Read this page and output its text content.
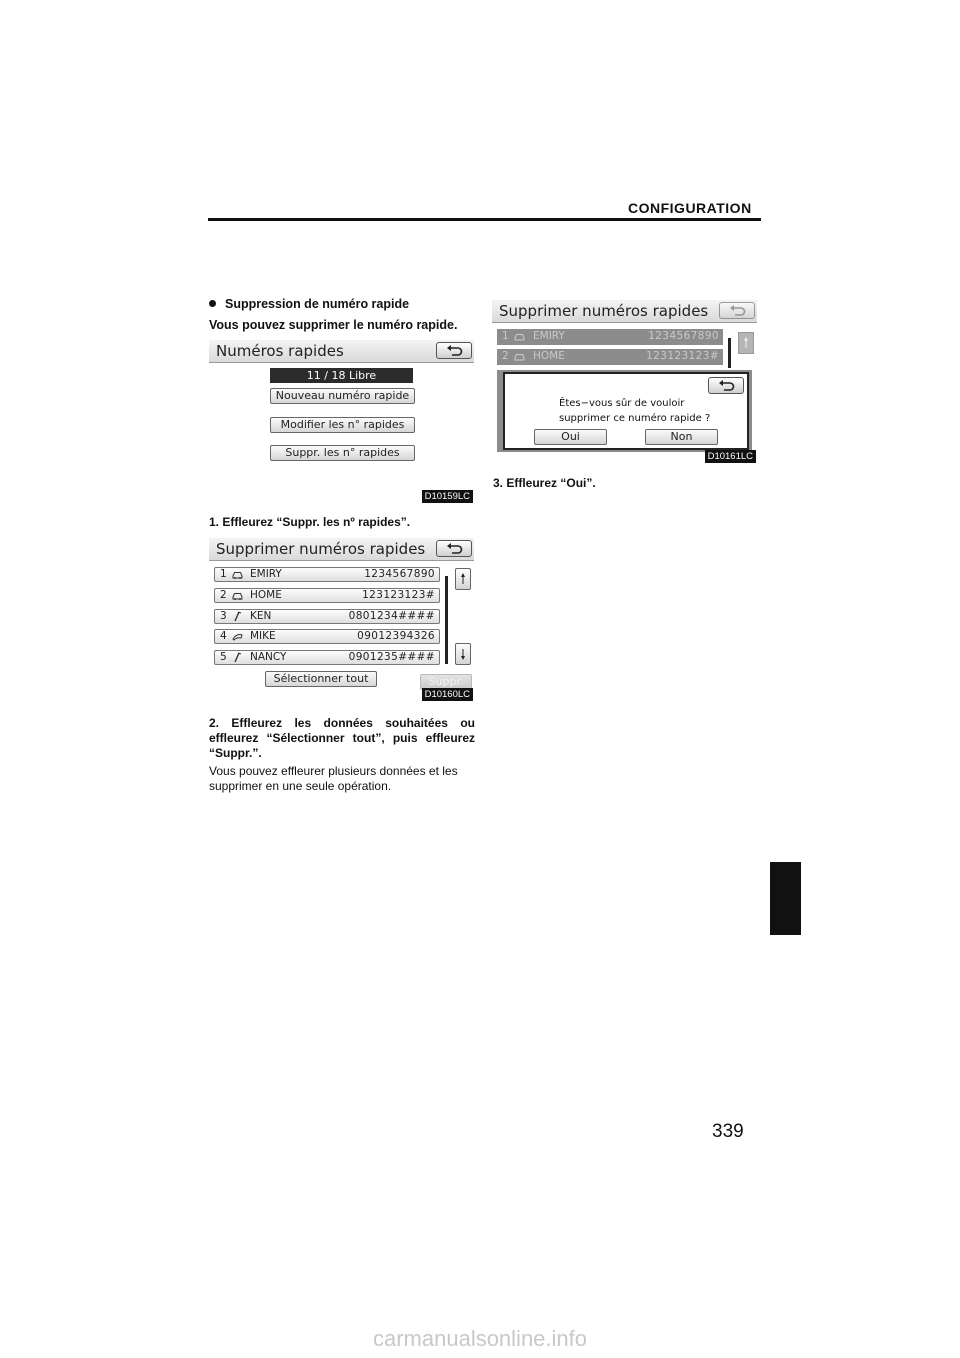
CONFIGURATION
339
carmanualsonline.info
Suppression de numéro rapide
Vous pouvez supprimer le numéro rapide.
Numéros rapides
11 / 18 Libre
Nouveau numéro rapide
Modifier les n° rapides
Suppr. les n° rapides
D10159LC
1. Effleurez “Suppr. les nº rapides”.
Supprimer numéros rapides
1 EMIRY	1234567890
2 HOME	123123123#
3 KEN	0801234####
4 MIKE	09012394326
5 NANCY	0901235####
Sélectionner tout	Suppr.
D10160LC
2. Effleurez les données souhaitées ou effleurez “Sélectionner tout”, puis effleurez “Suppr.”.
Vous pouvez effleurer plusieurs données et les supprimer en une seule opération.
Supprimer numéros rapides
1 EMIRY	1234567890
2 HOME	123123123#
Êtes−vous sûr de vouloir
supprimer ce numéro rapide ?
Oui	Non
D10161LC
3. Effleurez “Oui”.
